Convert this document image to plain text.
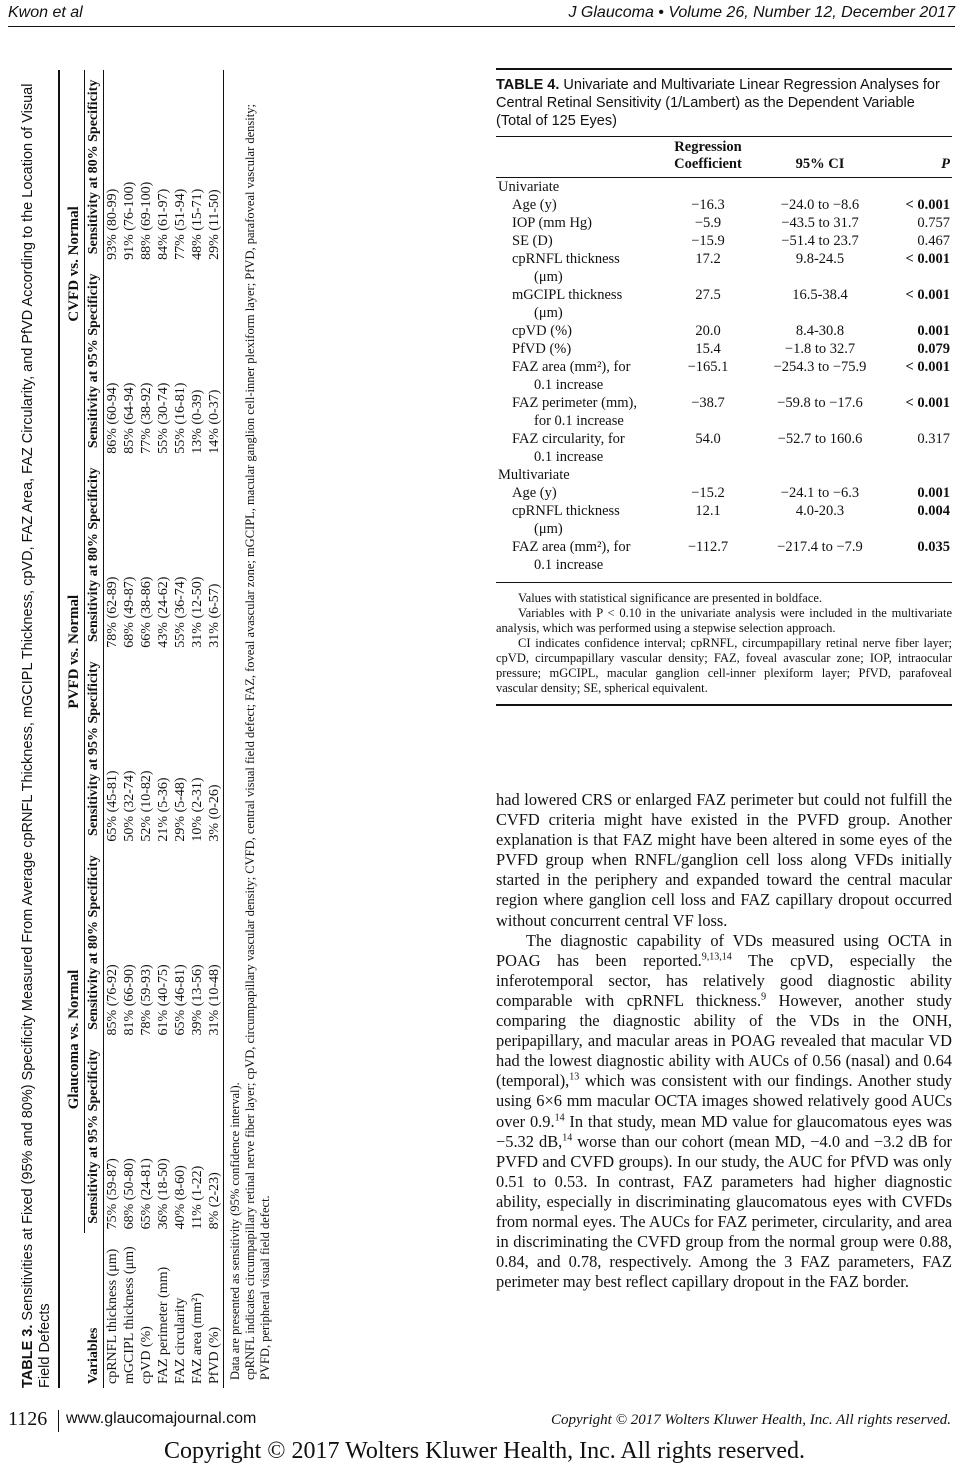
Kwon et al	J Glaucoma • Volume 26, Number 12, December 2017
TABLE 3. Sensitivities at Fixed (95% and 80%) Specificity Measured From Average cpRNFL Thickness, mGCIPL Thickness, cpVD, FAZ Area, FAZ Circularity, and PfVD According to the Location of Visual Field Defects
	Glaucoma vs. Normal		PVFD vs. Normal		CVFD vs. Normal	
Variables	Sensitivity at 95% Specificity	Sensitivity at 80% Specificity	Sensitivity at 95% Specificity	Sensitivity at 80% Specificity	Sensitivity at 95% Specificity	Sensitivity at 80% Specificity
cpRNFL thickness (μm)	75% (59-87)	85% (76-92)	65% (45-81)	78% (62-89)	86% (60-94)	93% (80-99)
mGCIPL thickness (μm)	68% (50-80)	81% (66-90)	50% (32-74)	68% (49-87)	85% (64-94)	91% (76-100)
cpVD (%)	65% (24-81)	78% (59-93)	52% (10-82)	66% (38-86)	77% (38-92)	88% (69-100)
FAZ perimeter (mm)	36% (18-50)	61% (40-75)	21% (5-36)	43% (24-62)	55% (30-74)	84% (61-97)
FAZ circularity	40% (8-60)	65% (46-81)	29% (5-48)	55% (36-74)	55% (16-81)	77% (51-94)
FAZ area (mm²)	11% (1-22)	39% (13-56)	10% (2-31)	31% (12-50)	13% (0-39)	48% (15-71)
PfVD (%)	8% (2-23)	31% (10-48)	3% (0-26)	31% (6-57)	14% (0-37)	29% (11-50)

Data are presented as sensitivity (95% confidence interval). cpRNFL indicates circumpapillary retinal nerve fiber layer; cpVD, circumpapillary vascular density; CVFD, central visual field defect; FAZ, foveal avascular zone; mGCIPL, macular ganglion cell-inner plexiform layer; PfVD, parafoveal vascular density; PVFD, peripheral visual field defect.

TABLE 4. Univariate and Multivariate Linear Regression Analyses for Central Retinal Sensitivity (1/Lambert) as the Dependent Variable (Total of 125 Eyes)
	Regression Coefficient	95% CI	P

Univariate			
Age (y)	−16.3	−24.0 to −8.6	< 0.001
IOP (mm Hg)	−5.9	−43.5 to 31.7	0.757
SE (D)	−15.9	−51.4 to 23.7	0.467
cpRNFL thickness	17.2	9.8-24.5	< 0.001
(μm)			
mGCIPL thickness	27.5	16.5-38.4	< 0.001
(μm)			
cpVD (%)	20.0	8.4-30.8	0.001
PfVD (%)	15.4	−1.8 to 32.7	0.079
FAZ area (mm²), for	−165.1	−254.3 to −75.9	< 0.001
0.1 increase			
FAZ perimeter (mm),	−38.7	−59.8 to −17.6	< 0.001
for 0.1 increase			
FAZ circularity, for	54.0	−52.7 to 160.6	0.317
0.1 increase			
Multivariate			
Age (y)	−15.2	−24.1 to −6.3	0.001
cpRNFL thickness	12.1	4.0-20.3	0.004
(μm)			
FAZ area (mm²), for	−112.7	−217.4 to −7.9	0.035
0.1 increase			

Values with statistical significance are presented in boldface.

Variables with P < 0.10 in the univariate analysis were included in the multivariate analysis, which was performed using a stepwise selection approach.

CI indicates confidence interval; cpRNFL, circumpapillary retinal nerve fiber layer; cpVD, circumpapillary vascular density; FAZ, foveal avascular zone; IOP, intraocular pressure; mGCIPL, macular ganglion cell-inner plexiform layer; PfVD, parafoveal vascular density; SE, spherical equivalent.

had lowered CRS or enlarged FAZ perimeter but could not fulfill the CVFD criteria might have existed in the PVFD group. Another explanation is that FAZ might have been altered in some eyes of the PVFD group when RNFL/ganglion cell loss along VFDs initially started in the periphery and expanded toward the central macular region where ganglion cell loss and FAZ capillary dropout occurred without concurrent central VF loss.

The diagnostic capability of VDs measured using OCTA in POAG has been reported.$^{9,13,14}$ The cpVD, especially the inferotemporal sector, has relatively good diagnostic ability comparable with cpRNFL thickness.$^9$ However, another study comparing the diagnostic ability of the VDs in the ONH, peripapillary, and macular areas in POAG revealed that macular VD had the lowest diagnostic ability with AUCs of 0.56 (nasal) and 0.64 (temporal),$^{13}$ which was consistent with our findings. Another study using 6×6 mm macular OCTA images showed relatively good AUCs over 0.9.14 In that study, mean MD value for glaucomatous eyes was −5.32 dB,$^{14}$ worse than our cohort (mean MD, −4.0 and −3.2 dB for PVFD and CVFD groups). In our study, the AUC for PfVD was only 0.51 to 0.53. In contrast, FAZ parameters had higher diagnostic ability, especially in discriminating glaucomatous eyes with CVFDs from normal eyes. The AUCs for FAZ perimeter, circularity, and area in discriminating the CVFD group from the normal group were 0.88, 0.84, and 0.78, respectively. Among the 3 FAZ parameters, FAZ perimeter may best reflect capillary dropout in the FAZ border.

1126 www.glaucomajournal.com	Copyright © 2017 Wolters Kluwer Health, Inc. All rights reserved.
Copyright © 2017 Wolters Kluwer Health, Inc. All rights reserved.
